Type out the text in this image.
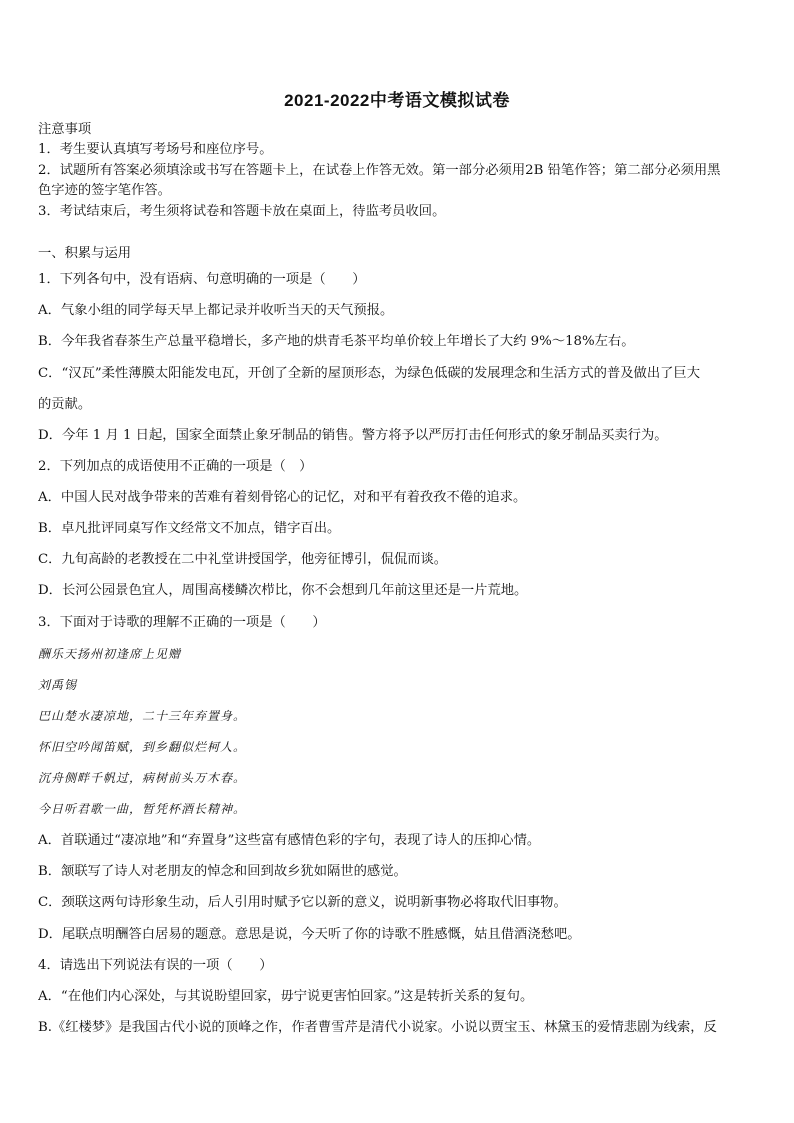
2021-2022中考语文模拟试卷
注意事项
1．考生要认真填写考场号和座位序号。
2．试题所有答案必须填涂或书写在答题卡上，在试卷上作答无效。第一部分必须用2B 铅笔作答；第二部分必须用黑
色字迹的签字笔作答。
3．考试结束后，考生须将试卷和答题卡放在桌面上，待监考员收回。
一、积累与运用
1．下列各句中，没有语病、句意明确的一项是（　　）
A．气象小组的同学每天早上都记录并收听当天的天气预报。
B．今年我省春茶生产总量平稳增长，多产地的烘青毛茶平均单价较上年增长了大约 9%～18%左右。
C．“汉瓦”柔性薄膜太阳能发电瓦，开创了全新的屋顶形态，为绿色低碳的发展理念和生活方式的普及做出了巨大
的贡献。
D．今年 1 月 1 日起，国家全面禁止象牙制品的销售。警方将予以严厉打击任何形式的象牙制品买卖行为。
2．下列加点的成语使用不正确的一项是（　）
A．中国人民对战争带来的苦难有着刻骨铭心的记忆，对和平有着孜孜不倦的追求。
B．卓凡批评同桌写作文经常文不加点，错字百出。
C．九旬高龄的老教授在二中礼堂讲授国学，他旁征博引，侃侃而谈。
D．长河公园景色宜人，周围高楼鳞次栉比，你不会想到几年前这里还是一片荒地。
3．下面对于诗歌的理解不正确的一项是（　　）
酬乐天扬州初逢席上见赠
刘禹锡
巴山楚水凄凉地，二十三年弃置身。
怀旧空吟闻笛赋，到乡翻似烂柯人。
沉舟侧畔千帆过，病树前头万木春。
今日听君歌一曲，暂凭杯酒长精神。
A．首联通过“凄凉地”和“弃置身”这些富有感情色彩的字句，表现了诗人的压抑心情。
B．颔联写了诗人对老朋友的悼念和回到故乡犹如隔世的感觉。
C．颈联这两句诗形象生动，后人引用时赋予它以新的意义，说明新事物必将取代旧事物。
D．尾联点明酬答白居易的题意。意思是说，今天听了你的诗歌不胜感慨，姑且借酒浇愁吧。
4．请选出下列说法有误的一项（　　）
A．“在他们内心深处，与其说盼望回家，毋宁说更害怕回家。”这是转折关系的复句。
B.《红楼梦》是我国古代小说的顶峰之作，作者曹雪芹是清代小说家。小说以贾宝玉、林黛玉的爱情悲剧为线索，反
